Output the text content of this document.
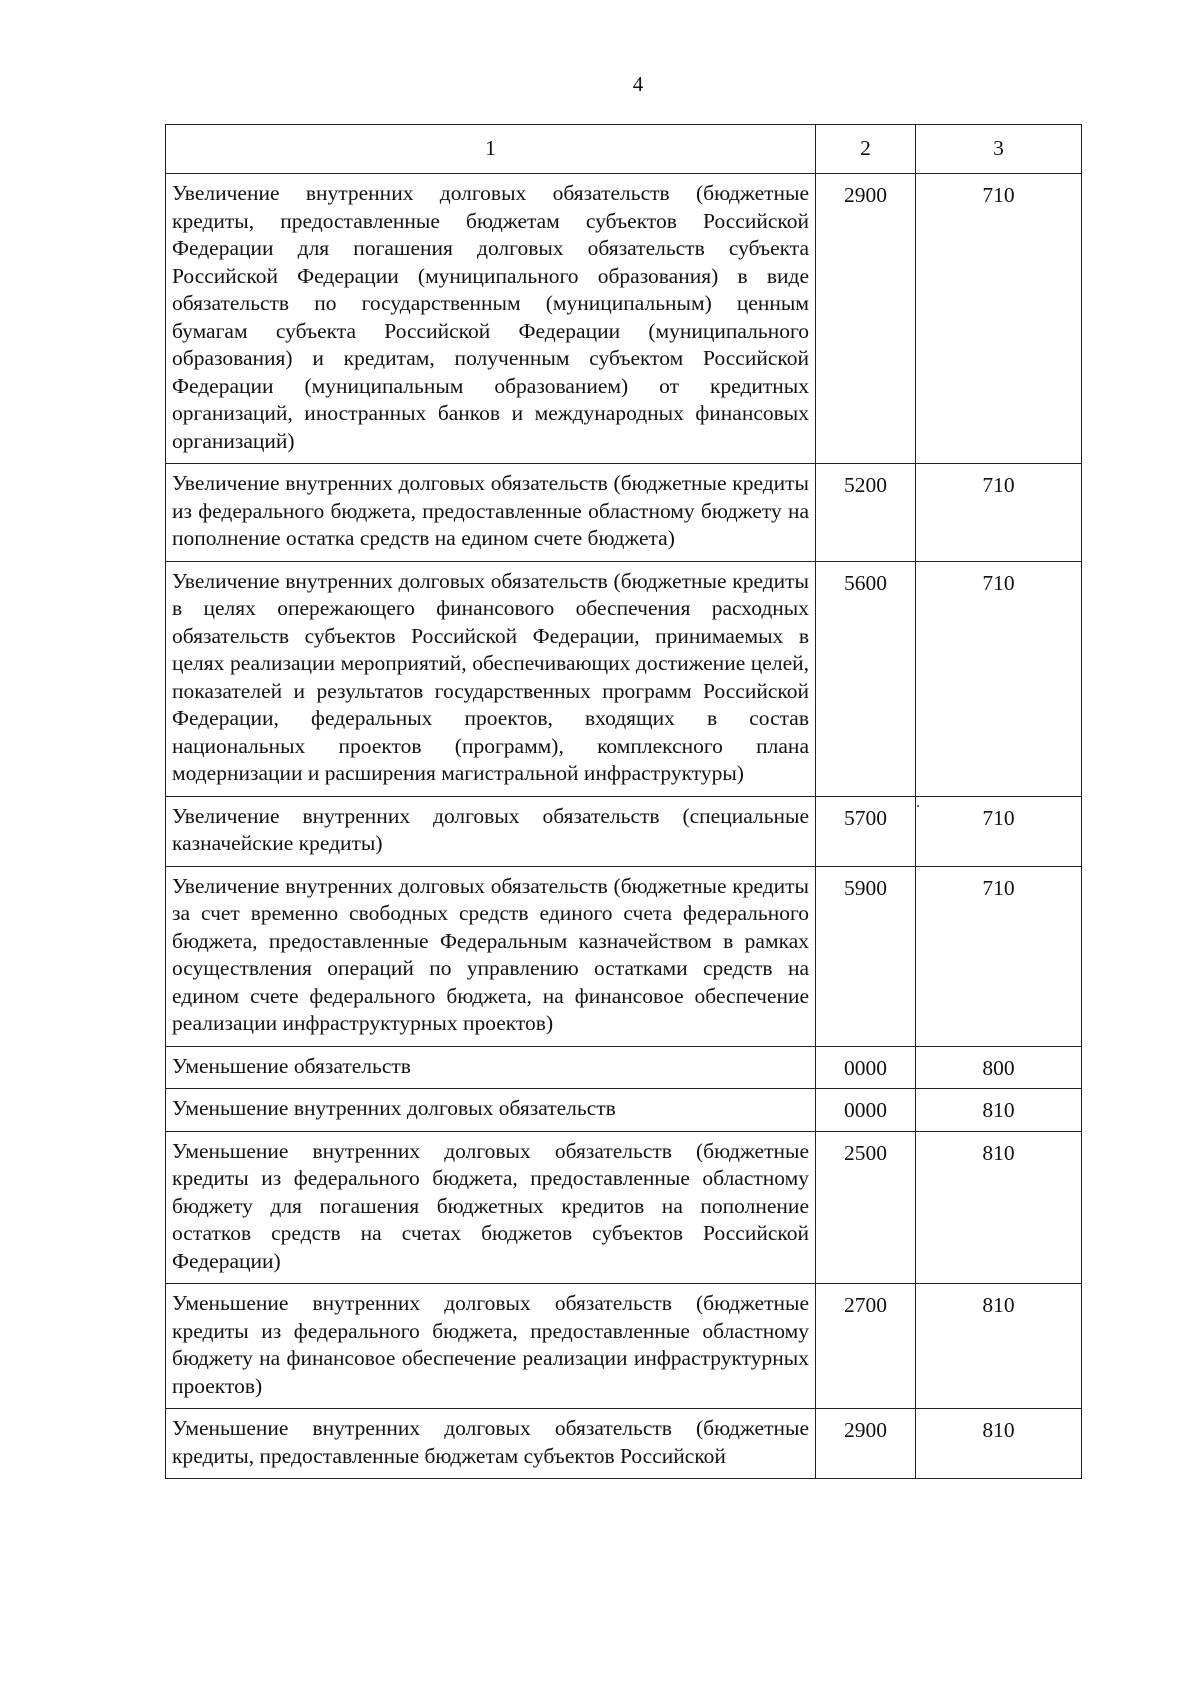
4
1	2	3
Увеличение внутренних долговых обязательств (бюджетные кредиты, предоставленные бюджетам субъектов Российской Федерации для погашения долговых обязательств субъекта Российской Федерации (муниципального образования) в виде обязательств по государственным (муниципальным) ценным бумагам субъекта Российской Федерации (муниципального образования) и кредитам, полученным субъектом Российской Федерации (муниципальным образованием) от кредитных организаций, иностранных банков и международных финансовых организаций)	2900	710
Увеличение внутренних долговых обязательств (бюджетные кредиты из федерального бюджета, предоставленные областному бюджету на пополнение остатка средств на едином счете бюджета)	5200	710
Увеличение внутренних долговых обязательств (бюджетные кредиты в целях опережающего финансового обеспечения расходных обязательств субъектов Российской Федерации, принимаемых в целях реализации мероприятий, обеспечивающих достижение целей, показателей и результатов государственных программ Российской Федерации, федеральных проектов, входящих в состав национальных проектов (программ), комплексного плана модернизации и расширения магистральной инфраструктуры)	5600	710
Увеличение внутренних долговых обязательств (специальные казначейские кредиты)	5700	710
Увеличение внутренних долговых обязательств (бюджетные кредиты за счет временно свободных средств единого счета федерального бюджета, предоставленные Федеральным казначейством в рамках осуществления операций по управлению остатками средств на едином счете федерального бюджета, на финансовое обеспечение реализации инфраструктурных проектов)	5900	710
Уменьшение обязательств	0000	800
Уменьшение внутренних долговых обязательств	0000	810
Уменьшение внутренних долговых обязательств (бюджетные кредиты из федерального бюджета, предоставленные областному бюджету для погашения бюджетных кредитов на пополнение остатков средств на счетах бюджетов субъектов Российской Федерации)	2500	810
Уменьшение внутренних долговых обязательств (бюджетные кредиты из федерального бюджета, предоставленные областному бюджету на финансовое обеспечение реализации инфраструктурных проектов)	2700	810
Уменьшение внутренних долговых обязательств (бюджетные кредиты, предоставленные бюджетам субъектов Российской	2900	810
